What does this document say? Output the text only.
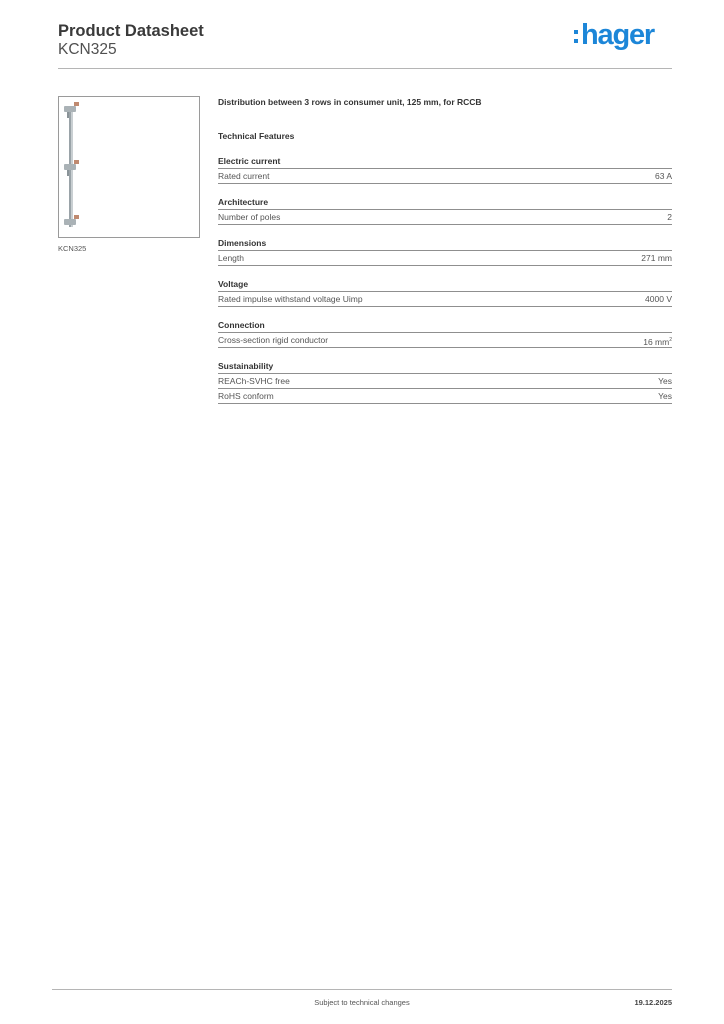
Product Datasheet
KCN325	hager
KCN325
Distribution between 3 rows in consumer unit, 125 mm, for RCCB
Technical Features
Electric current
Rated current	63 A
Architecture
Number of poles	2
Dimensions
Length	271 mm
Voltage
Rated impulse withstand voltage Uimp	4000 V
Connection
Cross-section rigid conductor	16 $mm^2$
Sustainability
REACh-SVHC free	Yes
RoHS conform	Yes
Subject to technical changes	19.12.2025
